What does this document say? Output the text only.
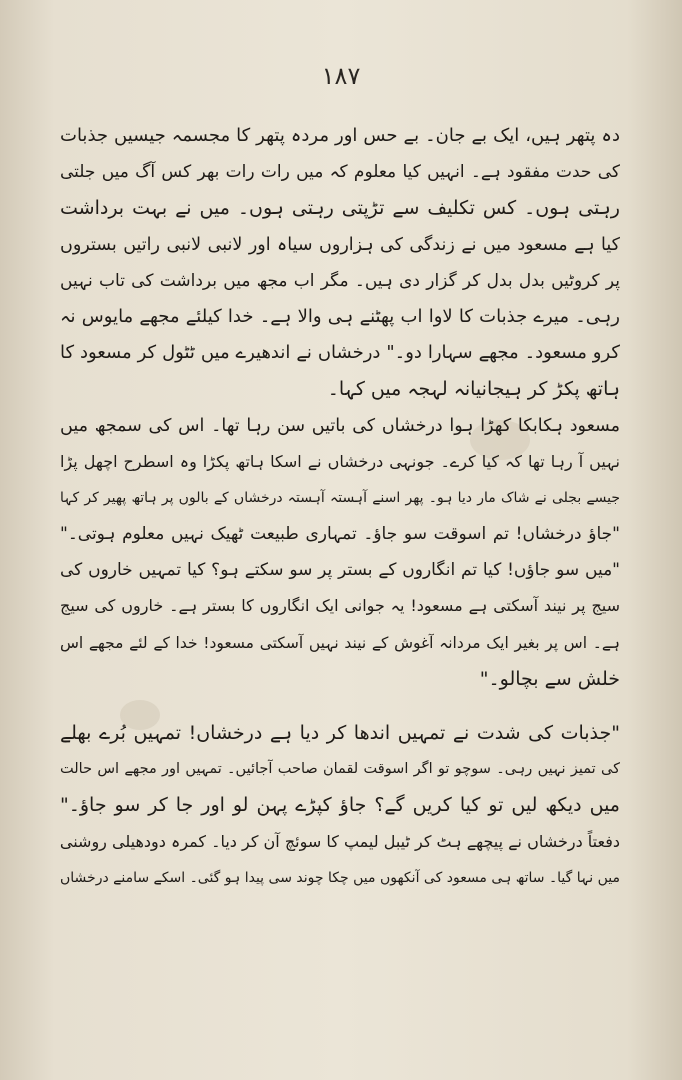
۱۸۷
دہ پتھر ہیں، ایک بے جان۔ بے حس اور مردہ پتھر کا مجسمہ جیسیں جذبات
کی حدت مفقود ہے۔ انہیں کیا معلوم کہ میں رات رات بھر کس آگ میں جلتی
رہتی ہوں۔ کس تکلیف سے تڑپتی رہتی ہوں۔ میں نے بہت برداشت
کیا ہے مسعود میں نے زندگی کی ہزاروں سیاہ اور لانبی لانبی راتیں بستروں
پر کروٹیں بدل بدل کر گزار دی ہیں۔ مگر اب مجھ میں برداشت کی تاب نہیں
رہی۔ میرے جذبات کا لاوا اب پھٹنے ہی والا ہے۔ خدا کیلئے مجھے مایوس نہ
کرو مسعود۔ مجھے سہارا دو۔" درخشاں نے اندھیرے میں ٹٹول کر مسعود کا
ہاتھ پکڑ کر ہیجانیانہ لہجہ میں کہا۔
مسعود ہکابکا کھڑا ہوا درخشاں کی باتیں سن رہا تھا۔ اس کی سمجھ میں
نہیں آ رہا تھا کہ کیا کرے۔ جونہی درخشاں نے اسکا ہاتھ پکڑا وہ اسطرح اچھل پڑا
جیسے بجلی نے شاک مار دیا ہو۔ پھر اسنے آہستہ آہستہ درخشاں کے بالوں پر ہاتھ پھیر کر کہا
"جاؤ درخشاں! تم اسوقت سو جاؤ۔ تمہاری طبیعت ٹھیک نہیں معلوم ہوتی۔"
"میں سو جاؤں! کیا تم انگاروں کے بستر پر سو سکتے ہو؟ کیا تمہیں خاروں کی
سیج پر نیند آسکتی ہے مسعود! یہ جوانی ایک انگاروں کا بستر ہے۔ خاروں کی سیج
ہے۔ اس پر بغیر ایک مردانہ آغوش کے نیند نہیں آسکتی مسعود! خدا کے لئے مجھے اس
خلش سے بچالو۔"
"جذبات کی شدت نے تمہیں اندھا کر دیا ہے درخشاں! تمہیں بُرے بھلے
کی تمیز نہیں رہی۔ سوچو تو اگر اسوقت لقمان صاحب آجائیں۔ تمہیں اور مجھے اس حالت
میں دیکھ لیں تو کیا کریں گے؟ جاؤ کپڑے پہن لو اور جا کر سو جاؤ۔"
دفعتاً درخشاں نے پیچھے ہٹ کر ٹیبل لیمپ کا سوئچ آن کر دیا۔ کمرہ دودھیلی روشنی
میں نہا گیا۔ ساتھ ہی مسعود کی آنکھوں میں چکا چوند سی پیدا ہو گئی۔ اسکے سامنے درخشاں
